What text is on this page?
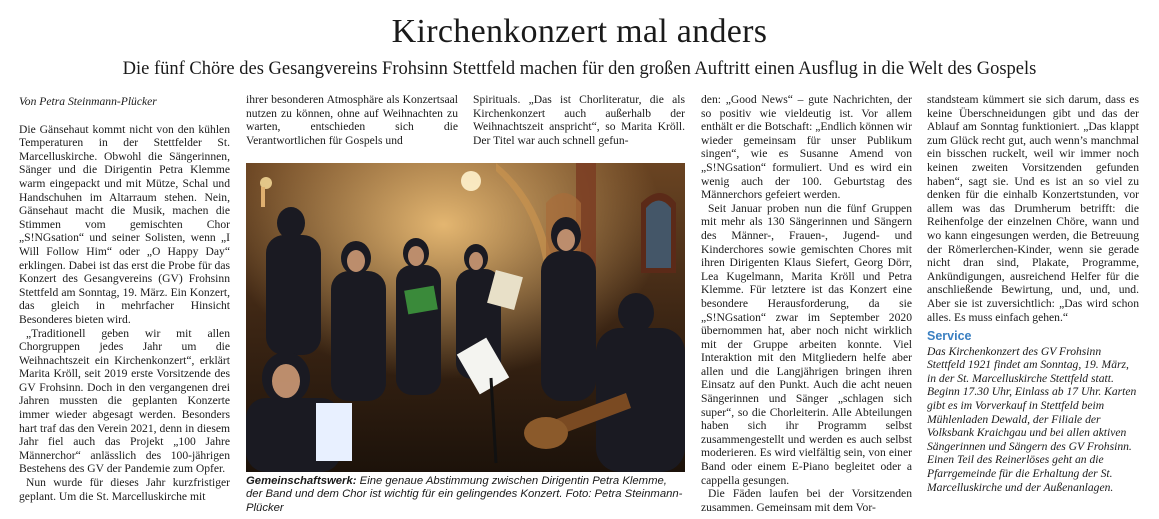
Kirchenkonzert mal anders
Die fünf Chöre des Gesangvereins Frohsinn Stettfeld machen für den großen Auftritt einen Ausflug in die Welt des Gospels

Von Petra Steinmann-Plücker

Die Gänsehaut kommt nicht von den kühlen Temperaturen in der Stettfelder St. Marcelluskirche. Obwohl die Sängerinnen, Sänger und die Dirigentin Petra Klemme warm eingepackt und mit Mütze, Schal und Handschuhen im Altarraum stehen. Nein, Gänsehaut macht die Musik, machen die Stimmen vom gemischten Chor „S!NGsation“ und seiner Solisten, wenn „I Will Follow Him“ oder „O Happy Day“ erklingen. Dabei ist das erst die Probe für das Konzert des Gesangvereins (GV) Frohsinn Stettfeld am Sonntag, 19. März. Ein Konzert, das gleich in mehrfacher Hinsicht Besonderes bieten wird.

„Traditionell geben wir mit allen Chorgruppen jedes Jahr um die Weihnachtszeit ein Kirchenkonzert“, erklärt Marita Kröll, seit 2019 erste Vorsitzende des GV Frohsinn. Doch in den vergangenen drei Jahren mussten die geplanten Konzerte immer wieder abgesagt werden. Besonders hart traf das den Verein 2021, denn in diesem Jahr fiel auch das Projekt „100 Jahre Männerchor“ anlässlich des 100-jährigen Bestehens des GV der Pandemie zum Opfer.

Nun wurde für dieses Jahr kurzfristiger geplant. Um die St. Marcelluskirche mit

ihrer besonderen Atmosphäre als Konzertsaal nutzen zu können, ohne auf Weihnachten zu warten, entschieden sich die Verantwortlichen für Gospels und

Spirituals. „Das ist Chorliteratur, die als Kirchenkonzert auch außerhalb der Weihnachtszeit anspricht“, so Marita Kröll. Der Titel war auch schnell gefun-

Gemeinschaftswerk: Eine genaue Abstimmung zwischen Dirigentin Petra Klemme, der Band und dem Chor ist wichtig für ein gelingendes Konzert. Foto: Petra Steinmann-Plücker

den: „Good News“ – gute Nachrichten, der so positiv wie vieldeutig ist. Vor allem enthält er die Botschaft: „Endlich können wir wieder gemeinsam für unser Publikum singen“, wie es Susanne Amend von „S!NGsation“ formuliert. Und es wird ein wenig auch der 100. Geburtstag des Männerchors gefeiert werden.

Seit Januar proben nun die fünf Gruppen mit mehr als 130 Sängerinnen und Sängern des Männer-, Frauen-, Jugend- und Kinderchores sowie gemischten Chores mit ihren Dirigenten Klaus Siefert, Georg Dörr, Lea Kugelmann, Marita Kröll und Petra Klemme. Für letztere ist das Konzert eine besondere Herausforderung, da sie „S!NGsation“ zwar im September 2020 übernommen hat, aber noch nicht wirklich mit der Gruppe arbeiten konnte. Viel Interaktion mit den Mitgliedern helfe aber allen und die Langjährigen bringen ihren Einsatz auf den Punkt. Auch die acht neuen Sängerinnen und Sänger „schlagen sich super“, so die Chorleiterin. Alle Abteilungen haben sich ihr Programm selbst zusammengestellt und werden es auch selbst moderieren. Es wird vielfältig sein, von einer Band oder einem E-Piano begleitet oder a cappella gesungen.

Die Fäden laufen bei der Vorsitzenden zusammen. Gemeinsam mit dem Vor-

standsteam kümmert sie sich darum, dass es keine Überschneidungen gibt und das der Ablauf am Sonntag funktioniert. „Das klappt zum Glück recht gut, auch wenn’s manchmal ein bisschen ruckelt, weil wir immer noch keinen zweiten Vorsitzenden gefunden haben“, sagt sie. Und es ist an so viel zu denken für die einhalb Konzertstunden, vor allem was das Drumherum betrifft: die Reihenfolge der einzelnen Chöre, wann und wo kann eingesungen werden, die Betreuung der Römerlerchen-Kinder, wenn sie gerade nicht dran sind, Plakate, Programme, Ankündigungen, ausreichend Helfer für die anschließende Bewirtung, und, und, und. Aber sie ist zuversichtlich: „Das wird schon alles. Es muss einfach gehen.“

Service

Das Kirchenkonzert des GV Frohsinn Stettfeld 1921 findet am Sonntag, 19. März, in der St. Marcelluskirche Stettfeld statt. Beginn 17.30 Uhr, Einlass ab 17 Uhr. Karten gibt es im Vorverkauf in Stettfeld beim Mühlenladen Dewald, der Filiale der Volksbank Kraichgau und bei allen aktiven Sängerinnen und Sängern des GV Frohsinn. Einen Teil des Reinerlöses geht an die Pfarrgemeinde für die Erhaltung der St. Marcelluskirche und der Außenanlagen.
